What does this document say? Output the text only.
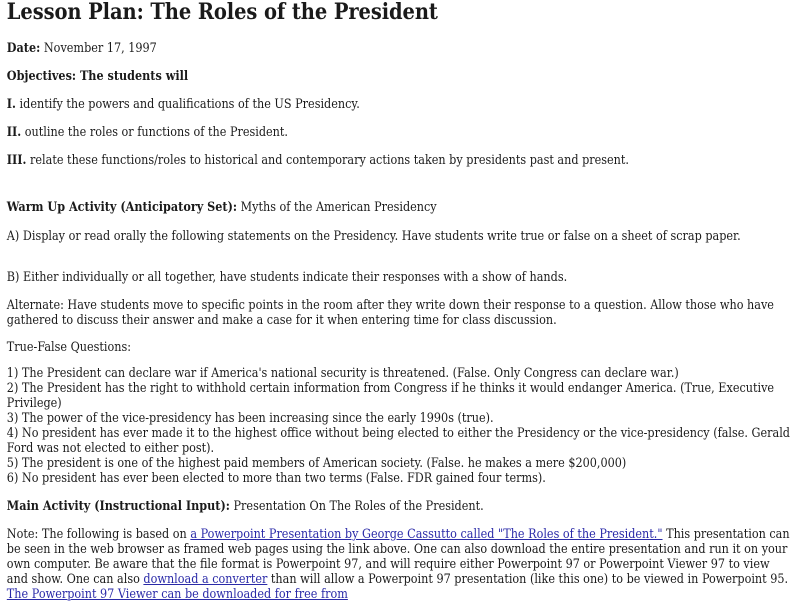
Lesson Plan: The Roles of the President

Date: November 17, 1997

Objectives: The students will

I. identify the powers and qualifications of the US Presidency.

II. outline the roles or functions of the President.

III. relate these functions/roles to historical and contemporary actions taken by presidents past and present.

Warm Up Activity (Anticipatory Set): Myths of the American Presidency

A) Display or read orally the following statements on the Presidency. Have students write true or false on a sheet of scrap paper.

B) Either individually or all together, have students indicate their responses with a show of hands.

Alternate: Have students move to specific points in the room after they write down their response to a question. Allow those who have gathered to discuss their answer and make a case for it when entering time for class discussion.

True-False Questions:

1) The President can declare war if America's national security is threatened. (False. Only Congress can declare war.)
2) The President has the right to withhold certain information from Congress if he thinks it would endanger America. (True, Executive Privilege)
3) The power of the vice-presidency has been increasing since the early 1990s (true).
4) No president has ever made it to the highest office without being elected to either the Presidency or the vice-presidency (false. Gerald Ford was not elected to either post).
5) The president is one of the highest paid members of American society. (False. he makes a mere $200,000)
6) No president has ever been elected to more than two terms (False. FDR gained four terms).

Main Activity (Instructional Input): Presentation On The Roles of the President.

Note: The following is based on a Powerpoint Presentation by George Cassutto called "The Roles of the President." This presentation can be seen in the web browser as framed web pages using the link above. One can also download the entire presentation and run it on your own computer. Be aware that the file format is Powerpoint 97, and will require either Powerpoint 97 or Powerpoint Viewer 97 to view and show. One can also download a converter than will allow a Powerpoint 97 presentation (like this one) to be viewed in Powerpoint 95. The Powerpoint 97 Viewer can be downloaded for free from
